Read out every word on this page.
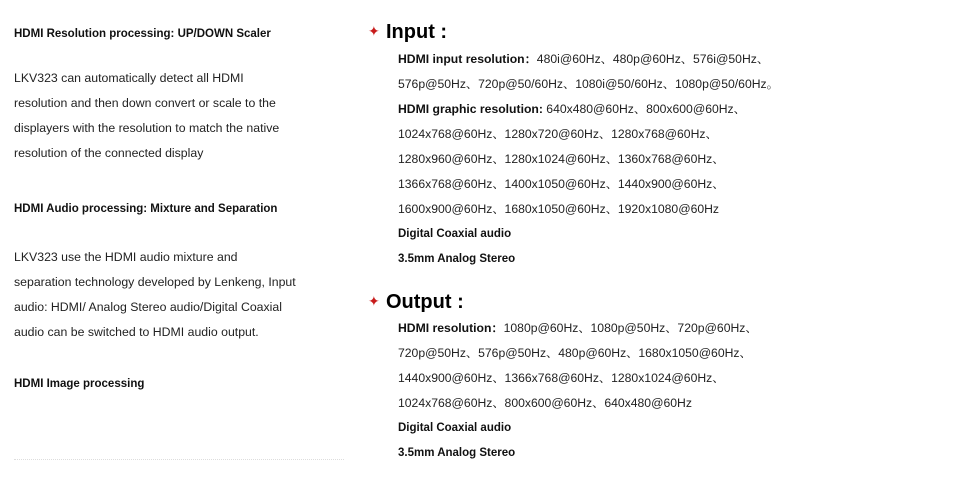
HDMI Resolution processing: UP/DOWN Scaler
LKV323 can automatically detect all HDMI
resolution and then down convert or scale to the
displayers with the resolution to match the native
resolution of the connected display
HDMI Audio processing: Mixture and Separation
LKV323 use the HDMI audio mixture and
separation technology developed by Lenkeng, Input
audio: HDMI/ Analog Stereo audio/Digital Coaxial
audio can be switched to HDMI audio output.
HDMI Image processing
✦ Input :
HDMI input resolution：480i@60Hz、480p@60Hz、576i@50Hz、
576p@50Hz、720p@50/60Hz、1080i@50/60Hz、1080p@50/60Hz。
HDMI graphic resolution: 640x480@60Hz、800x600@60Hz、
1024x768@60Hz、1280x720@60Hz、1280x768@60Hz、
1280x960@60Hz、1280x1024@60Hz、1360x768@60Hz、
1366x768@60Hz、1400x1050@60Hz、1440x900@60Hz、
1600x900@60Hz、1680x1050@60Hz、1920x1080@60Hz
Digital Coaxial audio
3.5mm Analog Stereo
✦ Output :
HDMI resolution：1080p@60Hz、1080p@50Hz、720p@60Hz、
720p@50Hz、576p@50Hz、480p@60Hz、1680x1050@60Hz、
1440x900@60Hz、1366x768@60Hz、1280x1024@60Hz、
1024x768@60Hz、800x600@60Hz、640x480@60Hz
Digital Coaxial audio
3.5mm Analog Stereo
